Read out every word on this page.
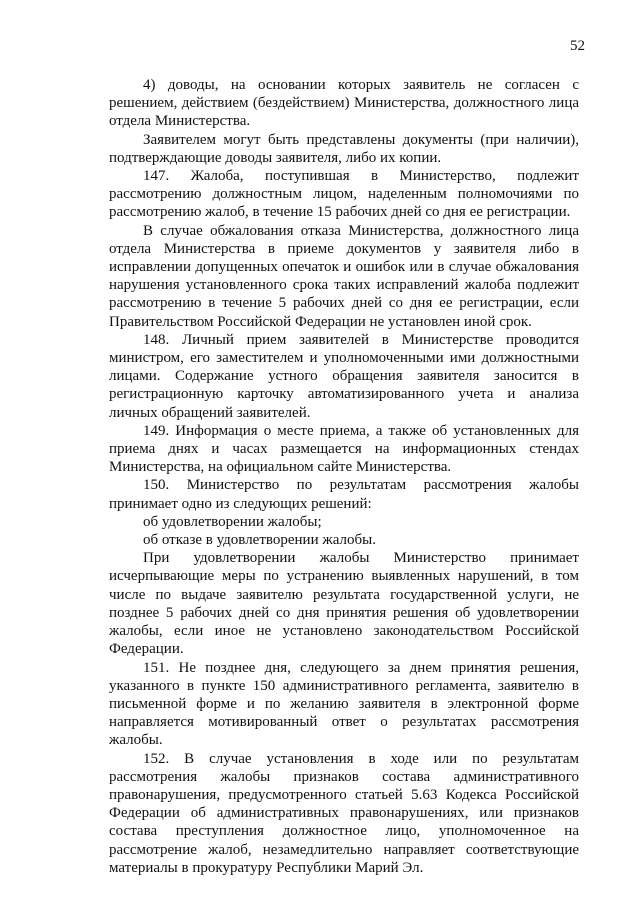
52

4) доводы, на основании которых заявитель не согласен с решением, действием (бездействием) Министерства, должностного лица отдела Министерства.

Заявителем могут быть представлены документы (при наличии), подтверждающие доводы заявителя, либо их копии.

147. Жалоба, поступившая в Министерство, подлежит рассмотрению должностным лицом, наделенным полномочиями по рассмотрению жалоб, в течение 15 рабочих дней со дня ее регистрации.

В случае обжалования отказа Министерства, должностного лица отдела Министерства в приеме документов у заявителя либо в исправлении допущенных опечаток и ошибок или в случае обжалования нарушения установленного срока таких исправлений жалоба подлежит рассмотрению в течение 5 рабочих дней со дня ее регистрации, если Правительством Российской Федерации не установлен иной срок.

148. Личный прием заявителей в Министерстве проводится министром, его заместителем и уполномоченными ими должностными лицами. Содержание устного обращения заявителя заносится в регистрационную карточку автоматизированного учета и анализа личных обращений заявителей.

149. Информация о месте приема, а также об установленных для приема днях и часах размещается на информационных стендах Министерства, на официальном сайте Министерства.

150. Министерство по результатам рассмотрения жалобы принимает одно из следующих решений:

об удовлетворении жалобы;

об отказе в удовлетворении жалобы.

При удовлетворении жалобы Министерство принимает исчерпывающие меры по устранению выявленных нарушений, в том числе по выдаче заявителю результата государственной услуги, не позднее 5 рабочих дней со дня принятия решения об удовлетворении жалобы, если иное не установлено законодательством Российской Федерации.

151. Не позднее дня, следующего за днем принятия решения, указанного в пункте 150 административного регламента, заявителю в письменной форме и по желанию заявителя в электронной форме направляется мотивированный ответ о результатах рассмотрения жалобы.

152. В случае установления в ходе или по результатам рассмотрения жалобы признаков состава административного правонарушения, предусмотренного статьей 5.63 Кодекса Российской Федерации об административных правонарушениях, или признаков состава преступления должностное лицо, уполномоченное на рассмотрение жалоб, незамедлительно направляет соответствующие материалы в прокуратуру Республики Марий Эл.
